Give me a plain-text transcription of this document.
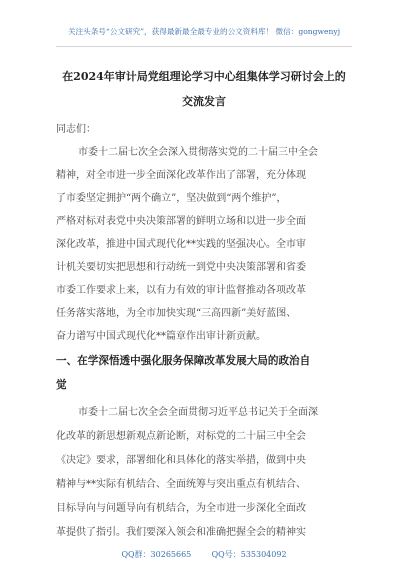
关注头条号“公文研究”，获得最新最全最专业的公文资料库！ 微信：gongwenyj
在2024年审计局党组理论学习中心组集体学习研讨会上的
交流发言
同志们：
市委十二届七次全会深入贯彻落实党的二十届三中全会
精神，对全市进一步全面深化改革作出了部署，充分体现
了市委坚定拥护“两个确立”，坚决做到“两个维护”，
严格对标对表党中央决策部署的鲜明立场和以进一步全面
深化改革，推进中国式现代化**实践的坚强决心。全市审
计机关要切实把思想和行动统一到党中央决策部署和省委
市委工作要求上来，以有力有效的审计监督推动各项改革
任务落实落地，为全市加快实现“三高四新”美好蓝图、
奋力谱写中国式现代化**篇章作出审计新贡献。
一、在学深悟透中强化服务保障改革发展大局的政治自
觉
市委十二届七次全会全面贯彻习近平总书记关于全面深
化改革的新思想新观点新论断，对标党的二十届三中全会
《决定》要求，部署细化和具体化的落实举措，做到中央
精神与**实际有机结合、全面统筹与突出重点有机结合、
目标导向与问题导向有机结合，为全市进一步深化全面改
革提供了指引。我们要深入领会和准确把握全会的精神实
QQ群：30265665        QQ号：535304092
